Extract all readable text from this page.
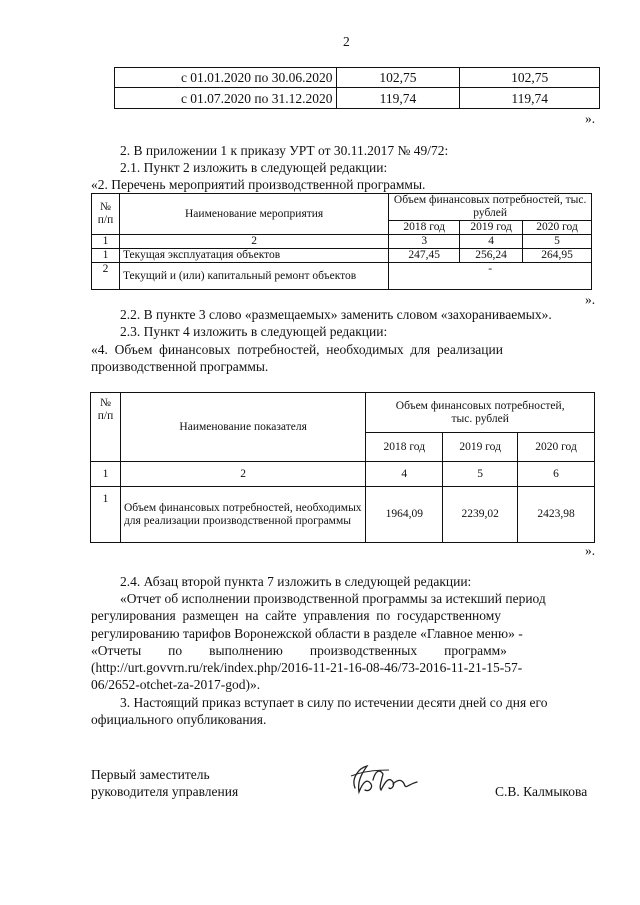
2
с 01.01.2020 по 30.06.2020	102,75	102,75
с 01.07.2020 по 31.12.2020	119,74	119,74
».
2. В приложении 1 к приказу УРТ от 30.11.2017 № 49/72:
2.1. Пункт 2 изложить в следующей редакции:
«2. Перечень мероприятий производственной программы.
№ п/п	Наименование мероприятия	Объем финансовых потребностей, тыс. рублей		
		2018 год	2019 год	2020 год
1	2	3	4	5
1	Текущая эксплуатация объектов	247,45	256,24	264,95
2	Текущий и (или) капитальный ремонт объектов	-		
».
2.2. В пункте 3 слово «размещаемых» заменить словом «захораниваемых».
2.3. Пункт 4 изложить в следующей редакции:
«4.  Объем  финансовых  потребностей,  необходимых  для  реализации
производственной программы.
№ п/п	Наименование показателя	Объем финансовых потребностей, тыс. рублей		
		2018 год	2019 год	2020 год
1	2	4	5	6
1	Объем финансовых потребностей, необходимых для реализации производственной программы	1964,09	2239,02	2423,98
».
2.4. Абзац второй пункта 7 изложить в следующей редакции:
«Отчет об исполнении производственной программы за истекший период
регулирования  размещен  на  сайте  управления  по  государственному
регулированию тарифов Воронежской области в разделе «Главное меню» -
«Отчеты        по        выполнению        производственных        программ»
(http://urt.govvrn.ru/rek/index.php/2016-11-21-16-08-46/73-2016-11-21-15-57-
06/2652-otchet-za-2017-god)».
3. Настоящий приказ вступает в силу по истечении десяти дней со дня его
официального опубликования.
Первый заместитель
руководителя управления	С.В. Калмыкова
